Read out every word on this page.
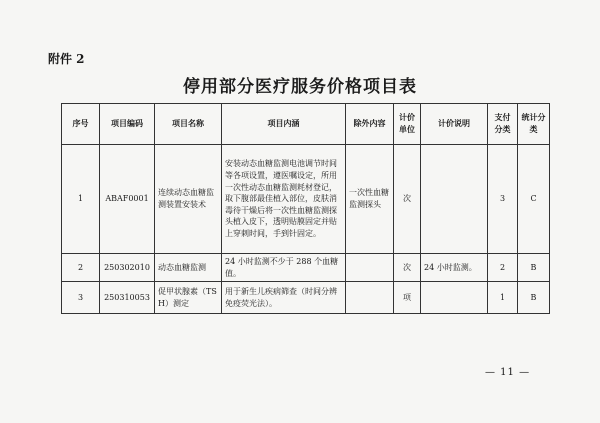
附件 2
停用部分医疗服务价格项目表
序号	项目编码	项目名称	项目内涵	除外内容	计价单位	计价说明	支付分类	统计分类
1	ABAF0001	连续动态血糖监测装置安装术	安装动态血糖监测电池调节时间等各项设置，遵医嘱设定，所用一次性动态血糖监测耗材登记，取下腹部最佳植入部位，皮肤消毒待干燥后将一次性血糖监测探头植入皮下，透明贴膜固定并贴上穿刺时间，手到针固定。	一次性血糖监测探头	次		3	C
2	250302010	动态血糖监测	24 小时监测不少于 288 个血糖值。		次	24 小时监测。	2	B
3	250310053	促甲状腺素（TSH）测定	用于新生儿疾病筛查（时间分辨免疫荧光法）。		项		1	B
— 11 —
